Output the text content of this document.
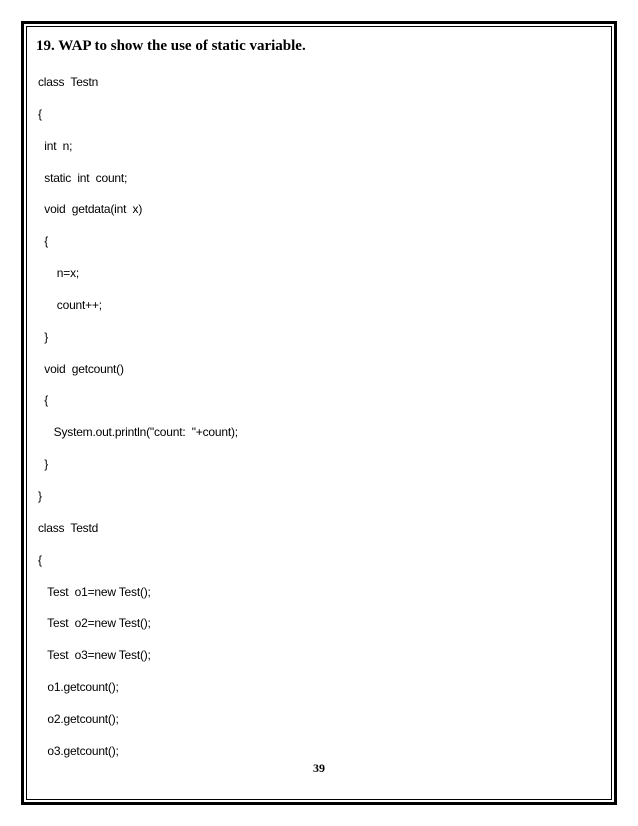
19. WAP to show the use of static variable.
class  Testn
{
int  n;
static  int  count;
void  getdata(int  x)
{
n=x;
count++;
}
void  getcount()
{
System.out.println("count:  "+count);
}
}
class  Testd
{
Test  o1=new Test();
Test  o2=new Test();
Test  o3=new Test();
o1.getcount();
o2.getcount();
o3.getcount();
39
